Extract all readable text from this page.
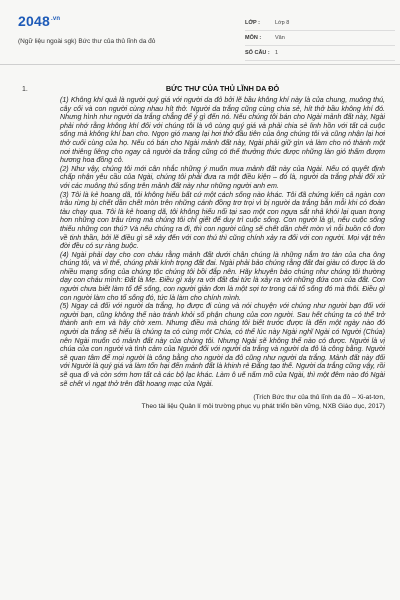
$2048^{.vn}$
(Ngữ liệu ngoài sgk) Bức thư của thủ lĩnh da đỏ
LỚP :	Lớp 8
MÔN :	Văn
SỐ CÂU : 1
1.	BỨC THƯ CỦA THỦ LĨNH DA ĐỎ

(1) Không khí quả là người quý giá với người da đỏ bởi lẽ bầu không khí này là của chung, muông thú, cây cối và con người cùng nhau hít thở. Người da trắng cũng cùng chia sẻ, hít thở bầu không khí đó. Nhưng hình như người da trắng chẳng để ý gì đến nó. Nếu chúng tôi bán cho Ngài mảnh đất này, Ngài phải nhớ rằng không khí đối với chúng tôi là vô cùng quý giá và phải chia sẻ linh hồn với tất cả cuộc sống mà không khí ban cho. Ngọn gió mang lại hơi thở đầu tiên của ông chúng tôi và cũng nhận lại hơi thở cuối cùng của họ. Nếu có bán cho Ngài mảnh đất này, Ngài phải giữ gìn và làm cho nó thành một nơi thiêng liêng cho ngay cả người da trắng cũng có thể thưởng thức được những làn gió thấm đượm hương hoa đồng cỏ.

(2) Như vậy, chúng tôi mới cân nhắc những ý muốn mua mảnh đất này của Ngài. Nếu có quyết định chấp nhận yêu cầu của Ngài, chúng tôi phải đưa ra một điều kiện – đó là, người da trắng phải đối xử với các muông thú sống trên mảnh đất này như những người anh em.

(3) Tôi là kẻ hoang dã, tôi không hiểu bất cứ một cách sống nào khác. Tôi đã chứng kiến cả ngàn con trâu rừng bị chết dần chết mòn trên những cánh đồng trơ trọi vì bị người da trắng bắn mỗi khi có đoàn tàu chạy qua. Tôi là kẻ hoang dã, tôi không hiểu nổi tại sao một con ngựa sắt nhả khói lại quan trọng hơn những con trâu rừng mà chúng tôi chỉ giết để duy trì cuộc sống. Con người là gì, nếu cuộc sống thiếu những con thú? Và nếu chúng ra đi, thì con người cũng sẽ chết dần chết mòn vì nỗi buồn cô đơn về tinh thần, bởi lẽ điều gì sẽ xảy đến với con thú thì cũng chính xảy ra đối với con người. Mọi vật trên đời đều có sự ràng buộc.

(4) Ngài phải dạy cho con cháu rằng mảnh đất dưới chân chúng là những nắm tro tàn của cha ông chúng tôi, và vì thế, chúng phải kính trọng đất đai. Ngài phải bảo chúng rằng đất đai giàu có được là do nhiều mạng sống của chúng tộc chúng tôi bồi đắp nên. Hãy khuyên bảo chúng như chúng tôi thường dạy con cháu mình: Đất là Mẹ. Điều gì xảy ra với đất đai tức là xảy ra với những đứa con của đất. Con người chưa biết làm tổ để sống, con người giản đơn là một sợi tơ trong cái tổ sống đó mà thôi. Điều gì con người làm cho tổ sống đó, tức là làm cho chính mình.

(5) Ngay cả đối với người da trắng, họ được đi cùng và nói chuyện với chúng như người bạn đối với người bạn, cũng không thể nào tránh khỏi số phận chung của con người. Sau hết chúng ta có thể trở thành anh em và hãy chờ xem. Nhưng điều mà chúng tôi biết trước được là đến một ngày nào đó người da trắng sẽ hiểu là chúng ta có cùng một Chúa, có thể lúc này Ngài nghĩ Ngài có Người (Chúa) nên Ngài muốn có mảnh đất này của chúng tôi. Nhưng Ngài sẽ không thể nào có được. Người là vị chúa của con người và tình cảm của Người đối với người da trắng và người da đỏ là công bằng. Người sẽ quan tâm để mọi người là công bằng cho người da đỏ cũng như người da trắng. Mảnh đất này đối với Người là quý giá và làm tổn hại đến mảnh đất là khinh rẻ Đấng tạo thế. Người da trắng cũng vậy, rồi sẽ qua đi và còn sớm hơn tất cả các bộ lạc khác. Làm ô uế nấm mồ của Ngài, thì một đêm nào đó Ngài sẽ chết vì ngạt thở trên đất hoang mạc của Ngài.

(Trích Bức thư của thủ lĩnh da đỏ – Xi-at-tơn,
Theo tài liệu Quản lí môi trường phục vụ phát triển bền vững, NXB Giáo dục, 2017)
